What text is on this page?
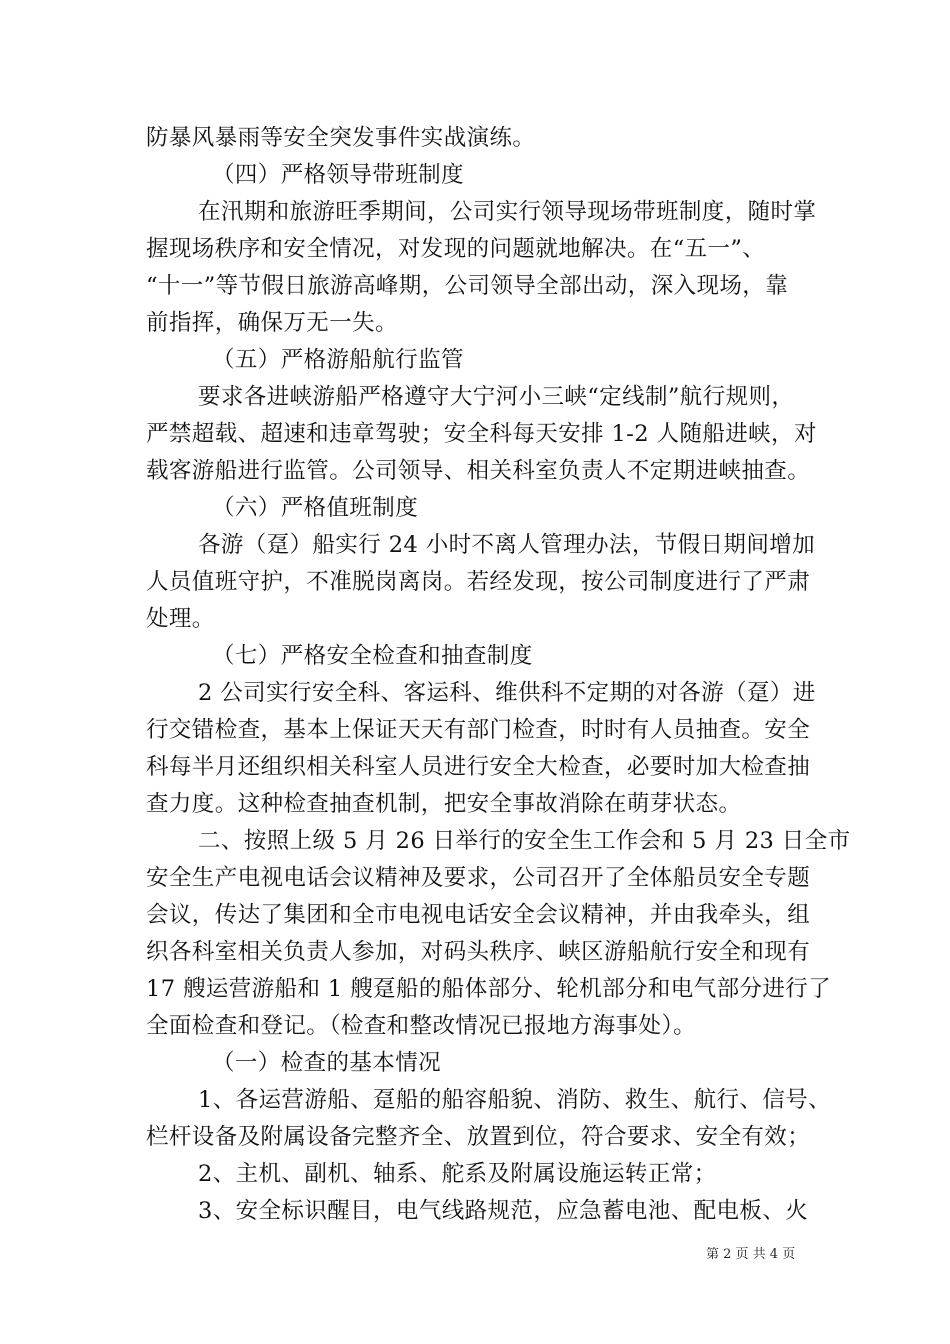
防暴风暴雨等安全突发事件实战演练。
（四）严格领导带班制度
在汛期和旅游旺季期间，公司实行领导现场带班制度，随时掌
握现场秩序和安全情况，对发现的问题就地解决。在“五一”、
“十一”等节假日旅游高峰期，公司领导全部出动，深入现场，靠
前指挥，确保万无一失。
（五）严格游船航行监管
要求各进峡游船严格遵守大宁河小三峡“定线制”航行规则，
严禁超载、超速和违章驾驶；安全科每天安排 1-2 人随船进峡，对
载客游船进行监管。公司领导、相关科室负责人不定期进峡抽查。
（六）严格值班制度
各游（趸）船实行 24 小时不离人管理办法，节假日期间增加
人员值班守护，不准脱岗离岗。若经发现，按公司制度进行了严肃
处理。
（七）严格安全检查和抽查制度
2 公司实行安全科、客运科、维供科不定期的对各游（趸）进
行交错检查，基本上保证天天有部门检查，时时有人员抽查。安全
科每半月还组织相关科室人员进行安全大检查，必要时加大检查抽
查力度。这种检查抽查机制，把安全事故消除在萌芽状态。
二、按照上级 5 月 26 日举行的安全生工作会和 5 月 23 日全市
安全生产电视电话会议精神及要求，公司召开了全体船员安全专题
会议，传达了集团和全市电视电话安全会议精神，并由我牵头，组
织各科室相关负责人参加，对码头秩序、峡区游船航行安全和现有
17 艘运营游船和 1 艘趸船的船体部分、轮机部分和电气部分进行了
全面检查和登记。（检查和整改情况已报地方海事处）。
（一）检查的基本情况
1、各运营游船、趸船的船容船貌、消防、救生、航行、信号、
栏杆设备及附属设备完整齐全、放置到位，符合要求、安全有效；
2、主机、副机、轴系、舵系及附属设施运转正常；
3、安全标识醒目，电气线路规范，应急蓄电池、配电板、火
第 2 页 共 4 页
